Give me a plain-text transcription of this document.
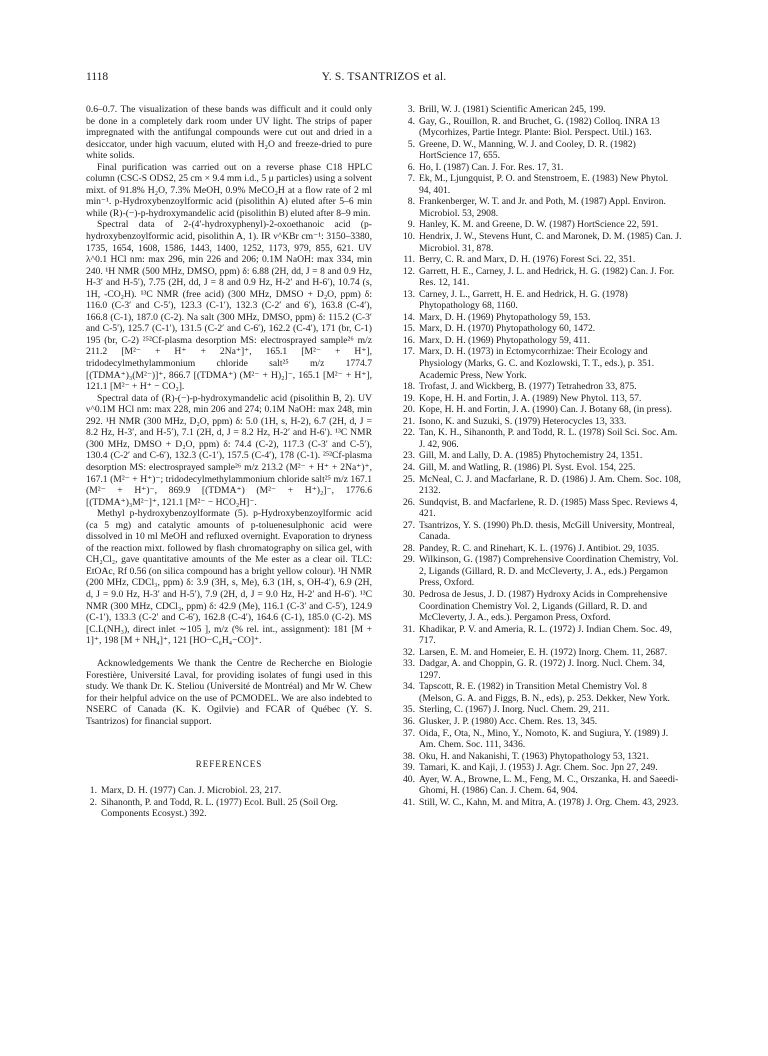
1118	Y. S. TSANTRIZOS et al.

0.6–0.7. The visualization of these bands was difficult and it could only be done in a completely dark room under UV light. The strips of paper impregnated with the antifungal compounds were cut out and dried in a desiccator, under high vacuum, eluted with H₂O and freeze-dried to pure white solids.

Final purification was carried out on a reverse phase C18 HPLC column (CSC-S ODS2, 25 cm × 9.4 mm i.d., 5 μ particles) using a solvent mixt. of 91.8% H₂O, 7.3% MeOH, 0.9% MeCO₂H at a flow rate of 2 ml min⁻¹. p-Hydroxybenzoylformic acid (pisolithin A) eluted after 5–6 min while (R)-(−)-p-hydroxymandelic acid (pisolithin B) eluted after 8–9 min.

Spectral data of 2-(4′-hydroxyphenyl)-2-oxoethanoic acid (p-hydroxybenzoylformic acid, pisolithin A, 1). IR ν^KBr cm⁻¹: 3150–3380, 1735, 1654, 1608, 1586, 1443, 1400, 1252, 1173, 979, 855, 621. UV λ^0.1 HCl nm: max 296, min 226 and 206; 0.1M NaOH: max 334, min 240. ¹H NMR (500 MHz, DMSO, ppm) δ: 6.88 (2H, dd, J = 8 and 0.9 Hz, H-3′ and H-5′), 7.75 (2H, dd, J = 8 and 0.9 Hz, H-2′ and H-6′), 10.74 (s, 1H, -CO₂H). ¹³C NMR (free acid) (300 MHz, DMSO + D₂O, ppm) δ: 116.0 (C-3′ and C-5′), 123.3 (C-1′), 132.3 (C-2′ and 6′), 163.8 (C-4′), 166.8 (C-1), 187.0 (C-2). Na salt (300 MHz, DMSO, ppm) δ: 115.2 (C-3′ and C-5′), 125.7 (C-1′), 131.5 (C-2′ and C-6′), 162.2 (C-4′), 171 (br, C-1) 195 (br, C-2) ²⁵²Cf-plasma desorption MS: electrosprayed sample²⁶ m/z 211.2 [M²⁻ + H⁺ + 2Na⁺]⁺, 165.1 [M²⁻ + H⁺], tridodecylmethylammonium chloride salt²⁵ m/z 1774.7 [(TDMA⁺)₃(M²⁻)]⁺, 866.7 [(TDMA⁺) (M²⁻ + H)₂]⁻, 165.1 [M²⁻ + H⁺], 121.1 [M²⁻ + H⁺ − CO₂].

Spectral data of (R)-(−)-p-hydroxymandelic acid (pisolithin B, 2). UV ν^0.1M HCl nm: max 228, min 206 and 274; 0.1M NaOH: max 248, min 292. ¹H NMR (300 MHz, D₂O, ppm) δ: 5.0 (1H, s, H-2), 6.7 (2H, d, J = 8.2 Hz, H-3′, and H-5′), 7.1 (2H, d, J = 8.2 Hz, H-2′ and H-6′). ¹³C NMR (300 MHz, DMSO + D₂O, ppm) δ: 74.4 (C-2), 117.3 (C-3′ and C-5′), 130.4 (C-2′ and C-6′), 132.3 (C-1′), 157.5 (C-4′), 178 (C-1). ²⁵²Cf-plasma desorption MS: electrosprayed sample²⁶ m/z 213.2 (M²⁻ + H⁺ + 2Na⁺)⁺, 167.1 (M²⁻ + H⁺)⁻; tridodecylmethylammonium chloride salt²⁵ m/z 167.1 (M²⁻ + H⁺)⁻, 869.9 [(TDMA⁺) (M²⁻ + H⁺)₂]⁻, 1776.6 [(TDMA⁺)₃M²⁻]⁺, 121.1 [M²⁻ − HCO₂H]⁻.

Methyl p-hydroxybenzoylformate (5). p-Hydroxybenzoylformic acid (ca 5 mg) and catalytic amounts of p-toluenesulphonic acid were dissolved in 10 ml MeOH and refluxed overnight. Evaporation to dryness of the reaction mixt. followed by flash chromatography on silica gel, with CH₂Cl₂, gave quantitative amounts of the Me ester as a clear oil. TLC: EtOAc, Rf 0.56 (on silica compound has a bright yellow colour). ¹H NMR (200 MHz, CDCl₃, ppm) δ: 3.9 (3H, s, Me), 6.3 (1H, s, OH-4′), 6.9 (2H, d, J = 9.0 Hz, H-3′ and H-5′), 7.9 (2H, d, J = 9.0 Hz, H-2′ and H-6′). ¹³C NMR (300 MHz, CDCl₃, ppm) δ: 42.9 (Me), 116.1 (C-3′ and C-5′), 124.9 (C-1′), 133.3 (C-2′ and C-6′), 162.8 (C-4′), 164.6 (C-1), 185.0 (C-2). MS [C.I.(NH₃), direct inlet ∼105 ], m/z (% rel. int., assignment): 181 [M + 1]⁺, 198 [M + NH₄]⁺, 121 [HO−C₆H₄−CO]⁺.

Acknowledgements We thank the Centre de Recherche en Biologie Forestière, Université Laval, for providing isolates of fungi used in this study. We thank Dr. K. Steliou (Université de Montréal) and Mr W. Chew for their helpful advice on the use of PCMODEL. We are also indebted to NSERC of Canada (K. K. Ogilvie) and FCAR of Québec (Y. S. Tsantrizos) for financial support.

REFERENCES

1. Marx, D. H. (1977) Can. J. Microbiol. 23, 217.

2. Sihanonth, P. and Todd, R. L. (1977) Ecol. Bull. 25 (Soil Org. Components Ecosyst.) 392.

3. Brill, W. J. (1981) Scientific American 245, 199.

4. Gay, G., Rouillon, R. and Bruchet, G. (1982) Colloq. INRA 13 (Mycorhizes, Partie Integr. Plante: Biol. Perspect. Util.) 163.

5. Greene, D. W., Manning, W. J. and Cooley, D. R. (1982) HortScience 17, 655.

6. Ho, I. (1987) Can. J. For. Res. 17, 31.

7. Ek, M., Ljungquist, P. O. and Stenstroem, E. (1983) New Phytol. 94, 401.

8. Frankenberger, W. T. and Jr. and Poth, M. (1987) Appl. Environ. Microbiol. 53, 2908.

9. Hanley, K. M. and Greene, D. W. (1987) HortScience 22, 591.

10. Hendrix, J. W., Stevens Hunt, C. and Maronek, D. M. (1985) Can. J. Microbiol. 31, 878.

11. Berry, C. R. and Marx, D. H. (1976) Forest Sci. 22, 351.

12. Garrett, H. E., Carney, J. L. and Hedrick, H. G. (1982) Can. J. For. Res. 12, 141.

13. Carney, J. L., Garrett, H. E. and Hedrick, H. G. (1978) Phytopathology 68, 1160.

14. Marx, D. H. (1969) Phytopathology 59, 153.

15. Marx, D. H. (1970) Phytopathology 60, 1472.

16. Marx, D. H. (1969) Phytopathology 59, 411.

17. Marx, D. H. (1973) in Ectomycorrhizae: Their Ecology and Physiology (Marks, G. C. and Kozlowski, T. T., eds.), p. 351. Academic Press, New York.

18. Trofast, J. and Wickberg, B. (1977) Tetrahedron 33, 875.

19. Kope, H. H. and Fortin, J. A. (1989) New Phytol. 113, 57.

20. Kope, H. H. and Fortin, J. A. (1990) Can. J. Botany 68, (in press).

21. Isono, K. and Suzuki, S. (1979) Heterocycles 13, 333.

22. Tan, K. H., Sihanonth, P. and Todd, R. L. (1978) Soil Sci. Soc. Am. J. 42, 906.

23. Gill, M. and Lally, D. A. (1985) Phytochemistry 24, 1351.

24. Gill, M. and Watling, R. (1986) Pl. Syst. Evol. 154, 225.

25. McNeal, C. J. and Macfarlane, R. D. (1986) J. Am. Chem. Soc. 108, 2132.

26. Sundqvist, B. and Macfarlene, R. D. (1985) Mass Spec. Reviews 4, 421.

27. Tsantrizos, Y. S. (1990) Ph.D. thesis, McGill University, Montreal, Canada.

28. Pandey, R. C. and Rinehart, K. L. (1976) J. Antibiot. 29, 1035.

29. Wilkinson, G. (1987) Comprehensive Coordination Chemistry, Vol. 2, Ligands (Gillard, R. D. and McCleverty, J. A., eds.) Pergamon Press, Oxford.

30. Pedrosa de Jesus, J. D. (1987) Hydroxy Acids in Comprehensive Coordination Chemistry Vol. 2, Ligands (Gillard, R. D. and McCleverty, J. A., eds.). Pergamon Press, Oxford.

31. Khadikar, P. V. and Ameria, R. L. (1972) J. Indian Chem. Soc. 49, 717.

32. Larsen, E. M. and Homeier, E. H. (1972) Inorg. Chem. 11, 2687.

33. Dadgar, A. and Choppin, G. R. (1972) J. Inorg. Nucl. Chem. 34, 1297.

34. Tapscott, R. E. (1982) in Transition Metal Chemistry Vol. 8 (Melson, G. A. and Figgs, B. N., eds), p. 253. Dekker, New York.

35. Sterling, C. (1967) J. Inorg. Nucl. Chem. 29, 211.

36. Glusker, J. P. (1980) Acc. Chem. Res. 13, 345.

37. Oida, F., Ota, N., Mino, Y., Nomoto, K. and Sugiura, Y. (1989) J. Am. Chem. Soc. 111, 3436.

38. Oku, H. and Nakanishi, T. (1963) Phytopathology 53, 1321.

39. Tamari, K. and Kaji, J. (1953) J. Agr. Chem. Soc. Jpn 27, 249.

40. Ayer, W. A., Browne, L. M., Feng, M. C., Orszanka, H. and Saeedi-Ghomi, H. (1986) Can. J. Chem. 64, 904.

41. Still, W. C., Kahn, M. and Mitra, A. (1978) J. Org. Chem. 43, 2923.
